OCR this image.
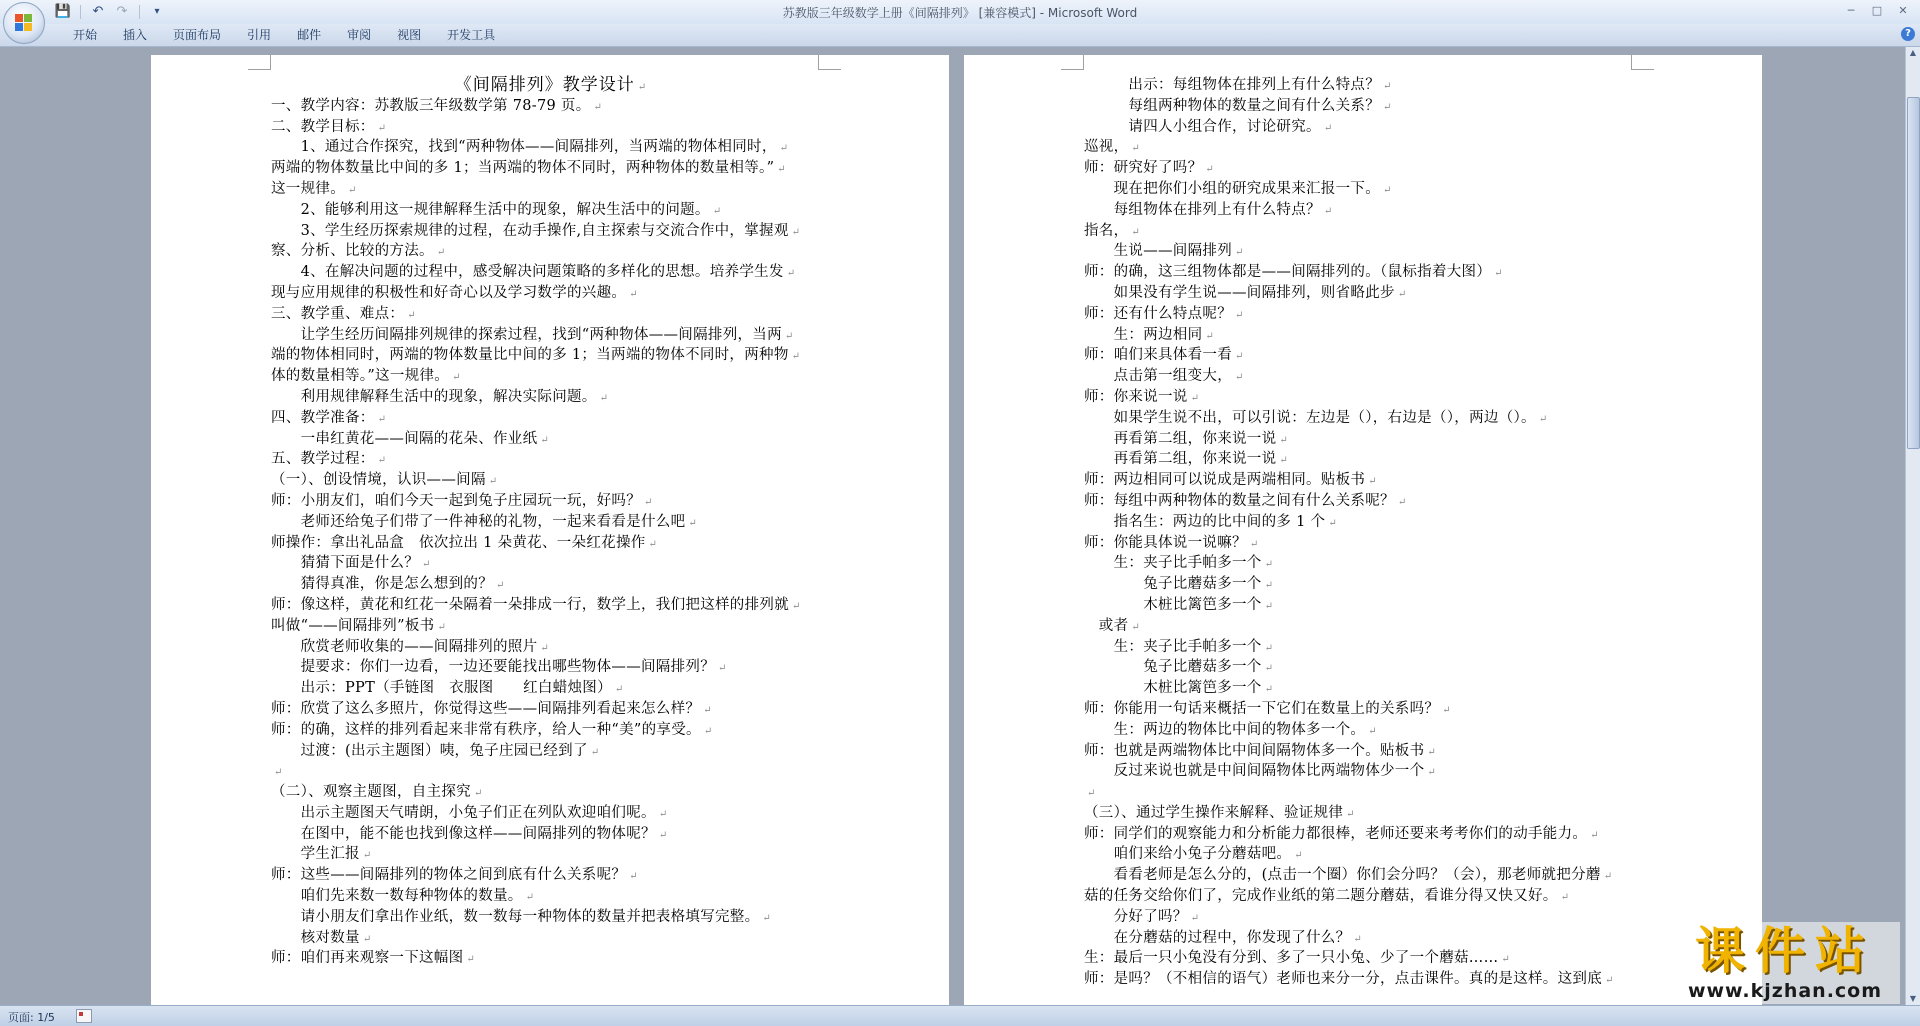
💾	↶	↷	▾	苏教版三年级数学上册《间隔排列》 [兼容模式] - Microsoft Word	─	□	✕
开始	插入	页面布局	引用	邮件	审阅	视图	开发工具	?
《间隔排列》教学设计 ↵
一、教学内容：苏教版三年级数学第 78-79 页。 ↵
二、教学目标： ↵
　　1、通过合作探究，找到“两种物体——间隔排列，当两端的物体相同时， ↵
两端的物体数量比中间的多 1；当两端的物体不同时，两种物体的数量相等。” ↵
这一规律。 ↵
　　2、能够利用这一规律解释生活中的现象，解决生活中的问题。 ↵
　　3、学生经历探索规律的过程，在动手操作,自主探索与交流合作中，掌握观 ↵
察、分析、比较的方法。 ↵
　　4、在解决问题的过程中，感受解决问题策略的多样化的思想。培养学生发 ↵
现与应用规律的积极性和好奇心以及学习数学的兴趣。 ↵
三、教学重、难点： ↵
　　让学生经历间隔排列规律的探索过程，找到“两种物体——间隔排列，当两 ↵
端的物体相同时，两端的物体数量比中间的多 1；当两端的物体不同时，两种物 ↵
体的数量相等。”这一规律。 ↵
　　利用规律解释生活中的现象，解决实际问题。 ↵
四、教学准备： ↵
　　一串红黄花——间隔的花朵、作业纸 ↵
五、教学过程： ↵
（一）、创设情境，认识——间隔 ↵
师：小朋友们，咱们今天一起到兔子庄园玩一玩，好吗？ ↵
　　老师还给兔子们带了一件神秘的礼物，一起来看看是什么吧 ↵
师操作：拿出礼品盒　依次拉出 1 朵黄花、一朵红花操作 ↵
　　猜猜下面是什么？ ↵
　　猜得真准，你是怎么想到的？ ↵
师：像这样，黄花和红花一朵隔着一朵排成一行，数学上，我们把这样的排列就 ↵
叫做“——间隔排列”板书 ↵
　　欣赏老师收集的——间隔排列的照片 ↵
　　提要求：你们一边看，一边还要能找出哪些物体——间隔排列？ ↵
　　出示：PPT（手链图　衣服图　　红白蜡烛图） ↵
师：欣赏了这么多照片，你觉得这些——间隔排列看起来怎么样？ ↵
师：的确，这样的排列看起来非常有秩序，给人一种“美”的享受。 ↵
　　过渡：(出示主题图）咦，兔子庄园已经到了 ↵
↵
（二）、观察主题图，自主探究 ↵
　　出示主题图天气晴朗，小兔子们正在列队欢迎咱们呢。 ↵
　　在图中，能不能也找到像这样——间隔排列的物体呢？ ↵
　　学生汇报 ↵
师：这些——间隔排列的物体之间到底有什么关系呢？ ↵
　　咱们先来数一数每种物体的数量。 ↵
　　请小朋友们拿出作业纸，数一数每一种物体的数量并把表格填写完整。 ↵
　　核对数量 ↵
师：咱们再来观察一下这幅图 ↵
　　　出示：每组物体在排列上有什么特点？ ↵
　　　每组两种物体的数量之间有什么关系？ ↵
　　　请四人小组合作，讨论研究。 ↵
巡视， ↵
师：研究好了吗？ ↵
　　现在把你们小组的研究成果来汇报一下。 ↵
　　每组物体在排列上有什么特点？ ↵
指名， ↵
　　生说——间隔排列 ↵
师：的确，这三组物体都是——间隔排列的。（鼠标指着大图） ↵
　　如果没有学生说——间隔排列，则省略此步 ↵
师：还有什么特点呢？ ↵
　　生：两边相同 ↵
师：咱们来具体看一看 ↵
　　点击第一组变大， ↵
师：你来说一说 ↵
　　如果学生说不出，可以引说：左边是（），右边是（），两边（）。 ↵
　　再看第二组，你来说一说 ↵
　　再看第二组，你来说一说 ↵
师：两边相同可以说成是两端相同。贴板书 ↵
师：每组中两种物体的数量之间有什么关系呢？ ↵
　　指名生：两边的比中间的多 1 个 ↵
师：你能具体说一说嘛？ ↵
　　生：夹子比手帕多一个 ↵
　　　　兔子比蘑菇多一个 ↵
　　　　木桩比篱笆多一个 ↵
　或者 ↵
　　生：夹子比手帕多一个 ↵
　　　　兔子比蘑菇多一个 ↵
　　　　木桩比篱笆多一个 ↵
师：你能用一句话来概括一下它们在数量上的关系吗？ ↵
　　生：两边的物体比中间的物体多一个。 ↵
师：也就是两端物体比中间间隔物体多一个。贴板书 ↵
　　反过来说也就是中间间隔物体比两端物体少一个 ↵
↵
（三）、通过学生操作来解释、验证规律 ↵
师：同学们的观察能力和分析能力都很棒，老师还要来考考你们的动手能力。 ↵
　　咱们来给小兔子分蘑菇吧。 ↵
　　看看老师是怎么分的，(点击一个圈）你们会分吗？（会），那老师就把分蘑 ↵
菇的任务交给你们了，完成作业纸的第二题分蘑菇，看谁分得又快又好。 ↵
　　分好了吗？ ↵
　　在分蘑菇的过程中，你发现了什么？ ↵
生：最后一只小兔没有分到、多了一只小兔、少了一个蘑菇…… ↵
师：是吗？（不相信的语气）老师也来分一分，点击课件。真的是这样。这到底 ↵
▲
▼
页面: 1/5
课件站
www.kjzhan.com
